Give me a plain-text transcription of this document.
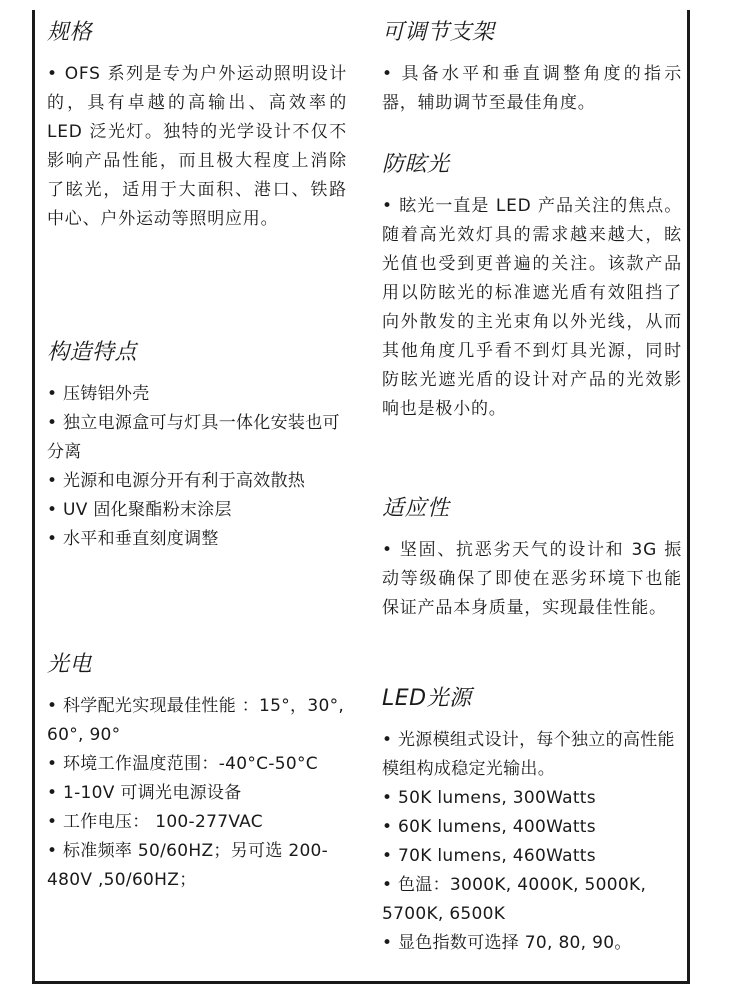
规格

• OFS 系列是专为户外运动照明设计的，具有卓越的高输出、高效率的 LED 泛光灯。独特的光学设计不仅不影响产品性能，而且极大程度上消除了眩光，适用于大面积、港口、铁路中心、户外运动等照明应用。

构造特点
• 压铸铝外壳
• 独立电源盒可与灯具一体化安装也可分离
• 光源和电源分开有利于高效散热
• UV 固化聚酯粉末涂层
• 水平和垂直刻度调整
光电
• 科学配光实现最佳性能 ：15°，30°, 60°, 90°
• 环境工作温度范围：-40°C-50°C
• 1-10V 可调光电源设备
• 工作电压： 100-277VAC
• 标准频率 50/60HZ；另可选 200-480V ,50/60HZ；
可调节支架

• 具备水平和垂直调整角度的指示器，辅助调节至最佳角度。

防眩光

• 眩光一直是 LED 产品关注的焦点。随着高光效灯具的需求越来越大，眩光值也受到更普遍的关注。该款产品用以防眩光的标准遮光盾有效阻挡了向外散发的主光束角以外光线，从而其他角度几乎看不到灯具光源，同时防眩光遮光盾的设计对产品的光效影响也是极小的。

适应性

• 坚固、抗恶劣天气的设计和 3G 振动等级确保了即使在恶劣环境下也能保证产品本身质量，实现最佳性能。

LED光源
• 光源模组式设计，每个独立的高性能模组构成稳定光输出。
• 50K lumens, 300Watts
• 60K lumens, 400Watts
• 70K lumens, 460Watts
• 色温：3000K, 4000K, 5000K, 5700K, 6500K
• 显色指数可选择 70, 80, 90。
